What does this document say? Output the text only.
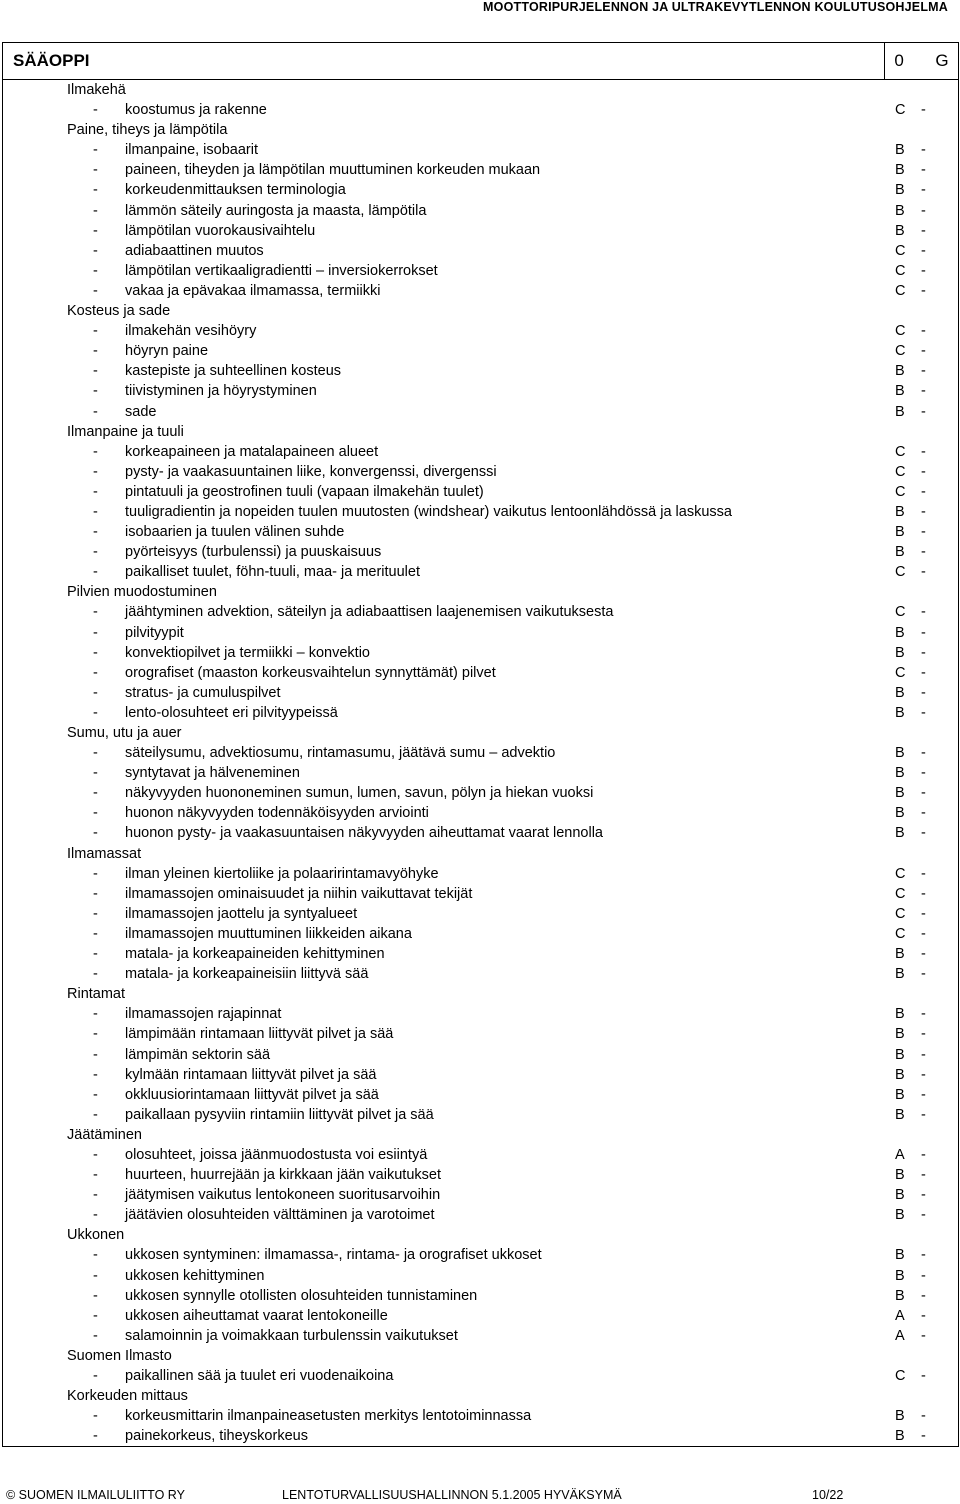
MOOTTORIPURJELENNON JA ULTRAKEVYTLENNON KOULUTUSOHJELMA
SÄÄOPPI	0 G

Ilmakehä
- koostumus ja rakenne	C -
Paine, tiheys ja lämpötila
- ilmanpaine, isobaarit	B -
- paineen, tiheyden ja lämpötilan muuttuminen korkeuden mukaan	B -
- korkeudenmittauksen terminologia	B -
- lämmön säteily auringosta ja maasta, lämpötila	B -
- lämpötilan vuorokausivaihtelu	B -
- adiabaattinen muutos	C -
- lämpötilan vertikaaligradientti – inversiokerrokset	C -
- vakaa ja epävakaa ilmamassa, termiikki	C -
Kosteus ja sade
- ilmakehän vesihöyry	C -
- höyryn paine	C -
- kastepiste ja suhteellinen kosteus	B -
- tiivistyminen ja höyrystyminen	B -
- sade	B -
Ilmanpaine ja tuuli
- korkeapaineen ja matalapaineen alueet	C -
- pysty- ja vaakasuuntainen liike, konvergenssi, divergenssi	C -
- pintatuuli ja geostrofinen tuuli (vapaan ilmakehän tuulet)	C -
- tuuligradientin ja nopeiden tuulen muutosten (windshear) vaikutus lentoonlähdössä ja laskussa	B -
- isobaarien ja tuulen välinen suhde	B -
- pyörteisyys (turbulenssi) ja puuskaisuus	B -
- paikalliset tuulet, föhn-tuuli, maa- ja merituulet	C -
Pilvien muodostuminen
- jäähtyminen advektion, säteilyn ja adiabaattisen laajenemisen vaikutuksesta	C -
- pilvityypit	B -
- konvektiopilvet ja termiikki – konvektio	B -
- orografiset (maaston korkeusvaihtelun synnyttämät) pilvet	C -
- stratus- ja cumuluspilvet	B -
- lento-olosuhteet eri pilvityypeissä	B -
Sumu, utu ja auer
- säteilysumu, advektiosumu, rintamasumu, jäätävä sumu – advektio	B -
- syntytavat ja hälveneminen	B -
- näkyvyyden huononeminen sumun, lumen, savun, pölyn ja hiekan vuoksi	B -
- huonon näkyvyyden todennäköisyyden arviointi	B -
- huonon pysty- ja vaakasuuntaisen näkyvyyden aiheuttamat vaarat lennolla	B -
Ilmamassat
- ilman yleinen kiertoliike ja polaaririntamavyöhyke	C -
- ilmamassojen ominaisuudet ja niihin vaikuttavat tekijät	C -
- ilmamassojen jaottelu ja syntyalueet	C -
- ilmamassojen muuttuminen liikkeiden aikana	C -
- matala- ja korkeapaineiden kehittyminen	B -
- matala- ja korkeapaineisiin liittyvä sää	B -
Rintamat
- ilmamassojen rajapinnat	B -
- lämpimään rintamaan liittyvät pilvet ja sää	B -
- lämpimän sektorin sää	B -
- kylmään rintamaan liittyvät pilvet ja sää	B -
- okkluusiorintamaan liittyvät pilvet ja sää	B -
- paikallaan pysyviin rintamiin liittyvät pilvet ja sää	B -
Jäätäminen
- olosuhteet, joissa jäänmuodostusta voi esiintyä	A -
- huurteen, huurrejään ja kirkkaan jään vaikutukset	B -
- jäätymisen vaikutus lentokoneen suoritusarvoihin	B -
- jäätävien olosuhteiden välttäminen ja varotoimet	B -
Ukkonen
- ukkosen syntyminen: ilmamassa-, rintama- ja orografiset ukkoset	B -
- ukkosen kehittyminen	B -
- ukkosen synnylle otollisten olosuhteiden tunnistaminen	B -
- ukkosen aiheuttamat vaarat lentokoneille	A -
- salamoinnin ja voimakkaan turbulenssin vaikutukset	A -
Suomen Ilmasto
- paikallinen sää ja tuulet eri vuodenaikoina	C -
Korkeuden mittaus
- korkeusmittarin ilmanpaineasetusten merkitys lentotoiminnassa	B -
- painekorkeus, tiheyskorkeus	B -
© SUOMEN ILMAILULIITTO RY	LENTOTURVALLISUUSHALLINNON 5.1.2005 HYVÄKSYMÄ	10/22
